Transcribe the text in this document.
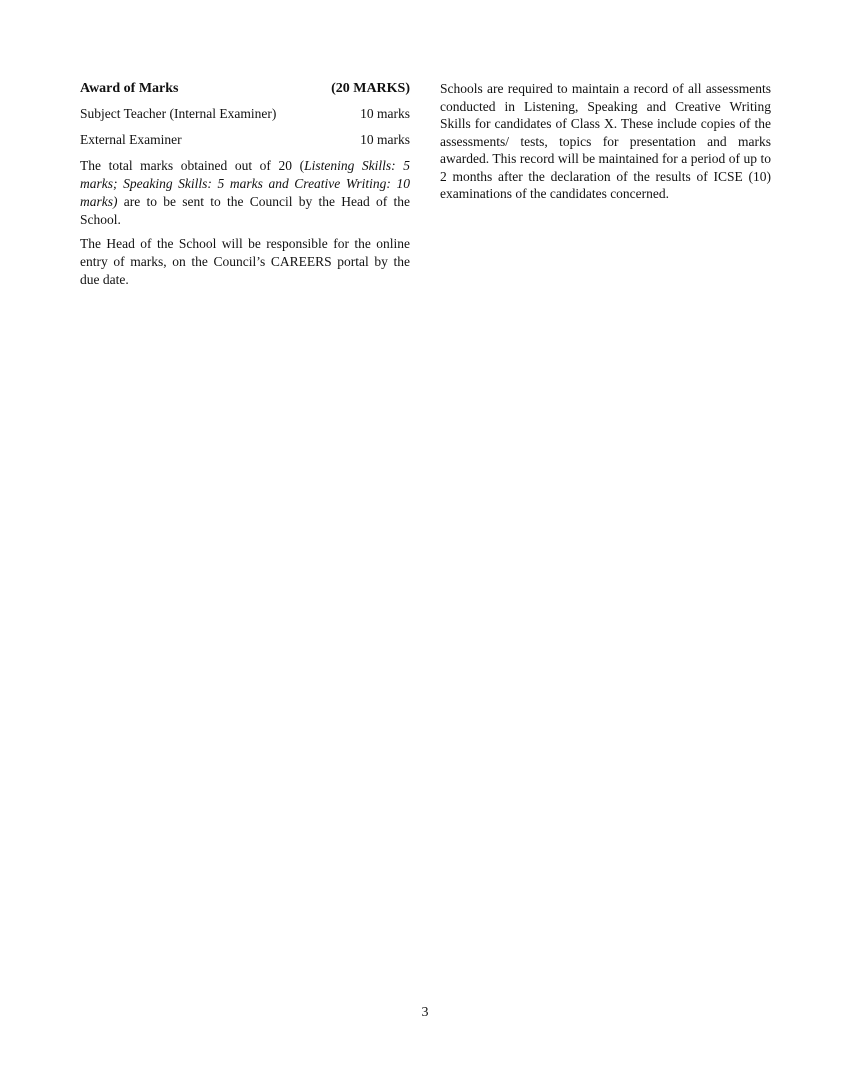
Award of Marks	(20 MARKS)
Subject Teacher (Internal Examiner)	10 marks
External Examiner	10 marks

The total marks obtained out of 20 (Listening Skills: 5 marks; Speaking Skills: 5 marks and Creative Writing: 10 marks) are to be sent to the Council by the Head of the School.

The Head of the School will be responsible for the online entry of marks, on the Council’s CAREERS portal by the due date.

Schools are required to maintain a record of all assessments conducted in Listening, Speaking and Creative Writing Skills for candidates of Class X. These include copies of the assessments/ tests, topics for presentation and marks awarded. This record will be maintained for a period of up to 2 months after the declaration of the results of ICSE (10) examinations of the candidates concerned.

3
